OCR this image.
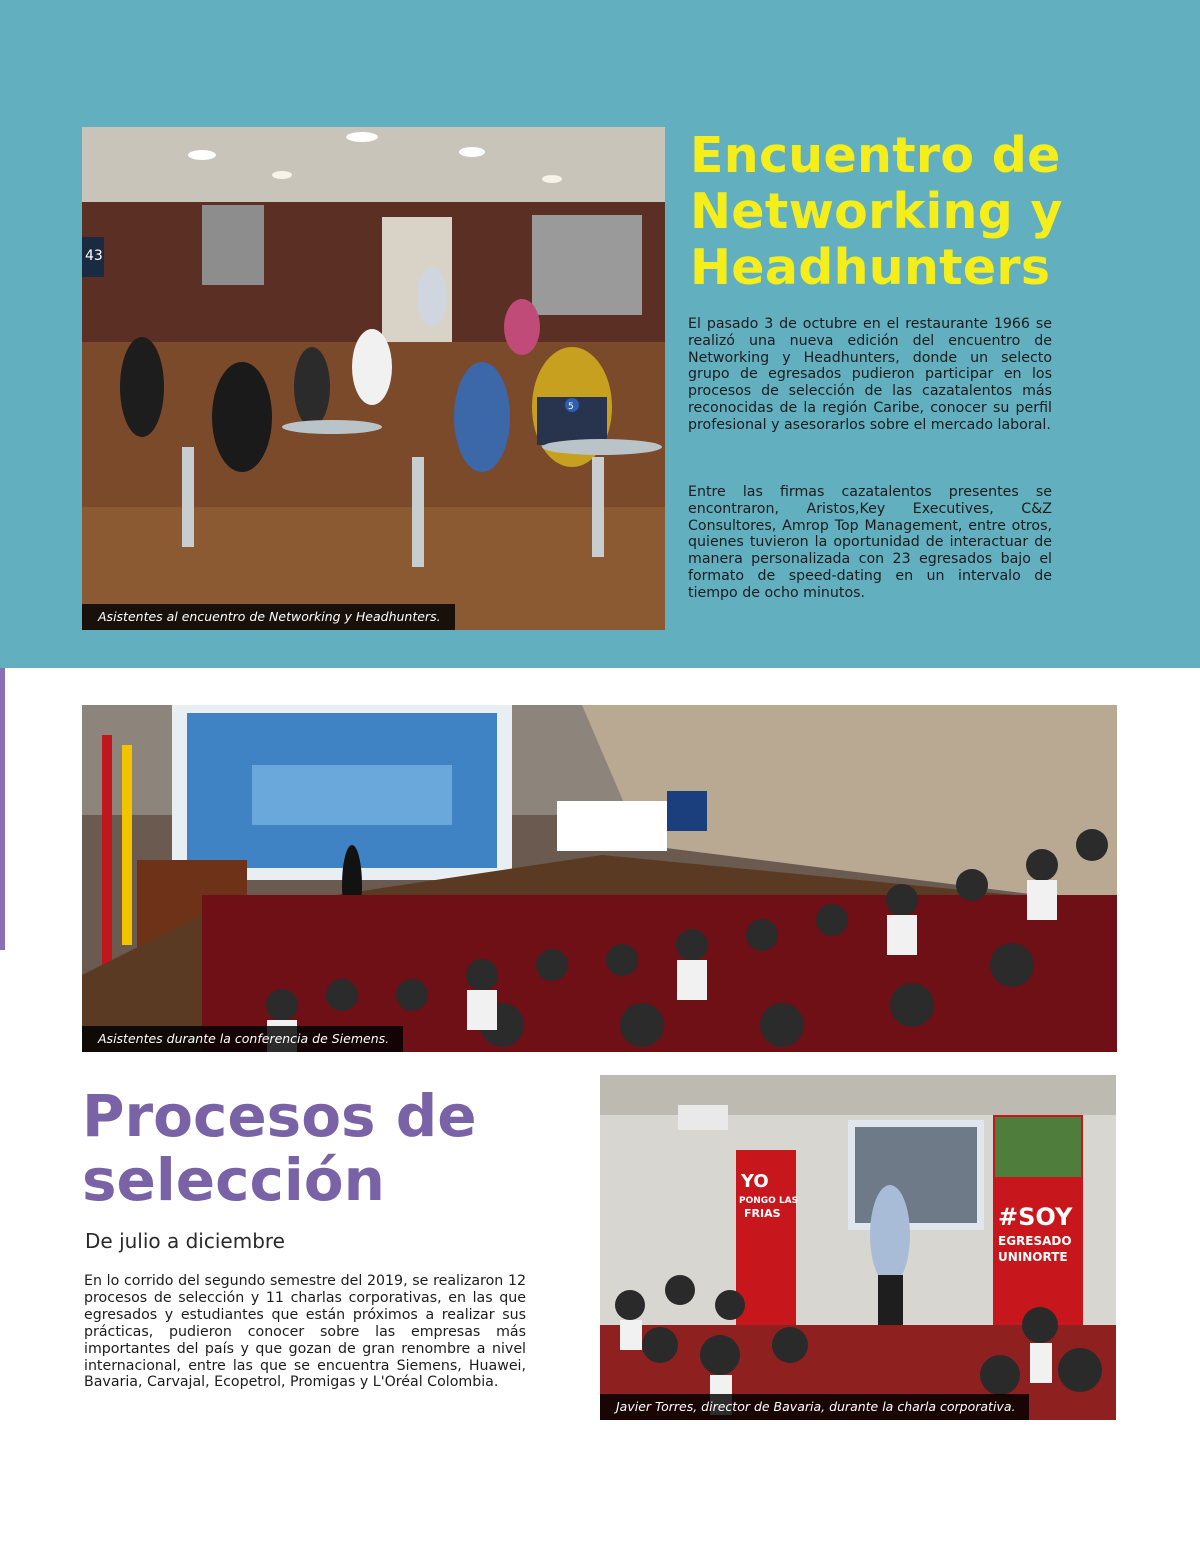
43
5
Asistentes al encuentro de Networking y Headhunters.
Encuentro de
Networking y
Headhunters

El pasado 3 de octubre en el restaurante 1966 se realizó una nueva edición del encuentro de Networking y Headhunters, donde un selecto grupo de egresados pudieron participar en los procesos de selección de las cazatalentos más reconocidas de la región Caribe, conocer su perfil profesional y asesorarlos sobre el mercado laboral.

Entre las firmas cazatalentos presentes se encontraron, Aristos,Key Executives, C&Z Consultores, Amrop Top Management, entre otros, quienes tuvieron la oportunidad de interactuar de manera personalizada con 23 egresados bajo el formato de speed-dating en un intervalo de tiempo de ocho minutos.

Asistentes durante la conferencia de Siemens.
Procesos de
selección

De julio a diciembre

En lo corrido del segundo semestre del 2019, se realizaron 12 procesos de selección y 11 charlas corporativas, en las que egresados y estudiantes que están próximos a realizar sus prácticas, pudieron conocer sobre las empresas más importantes del país y que gozan de gran renombre a nivel internacional, entre las que se encuentra Siemens, Huawei, Bavaria, Carvajal, Ecopetrol, Promigas y L'Oréal Colombia.

YO
PONGO LAS
FRIAS	#SOY
EGRESADO
UNINORTE
Javier Torres, director de Bavaria, durante la charla corporativa.
